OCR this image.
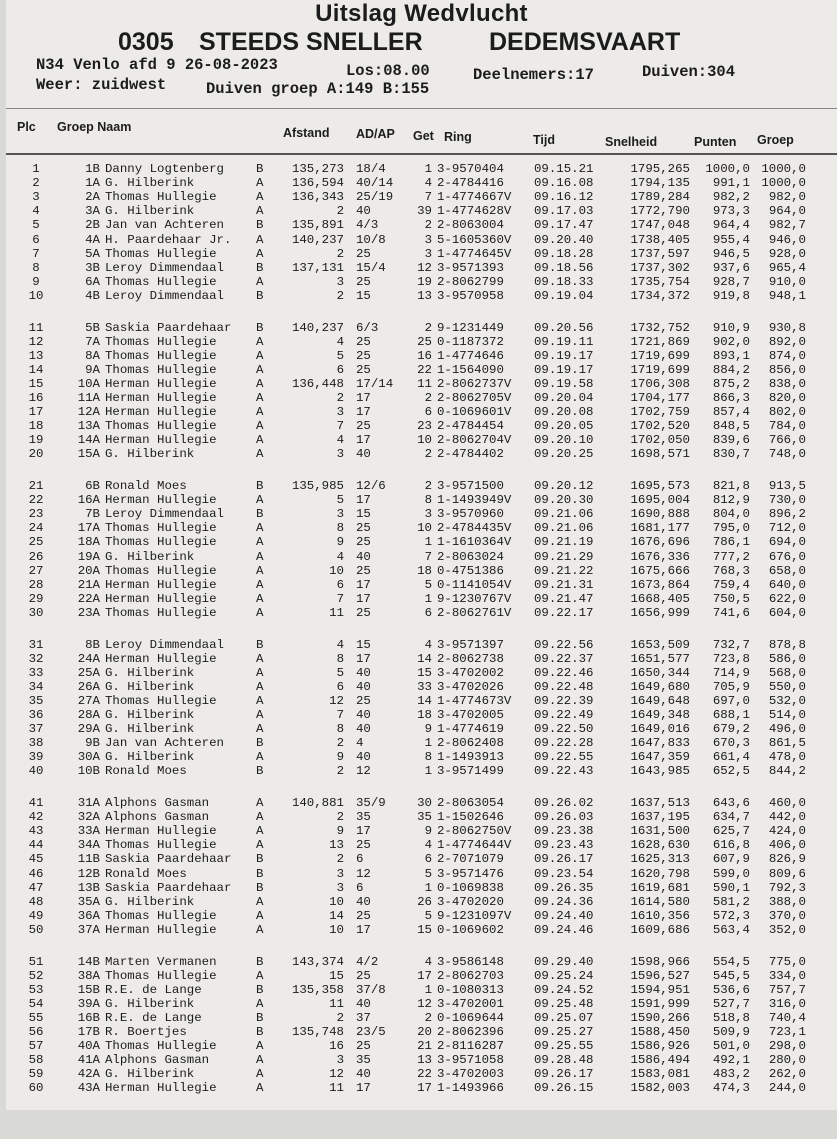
Uitslag Wedvlucht
0305 STEEDS SNELLER	DEDEMSVAART
N34 Venlo afd 9 26-08-2023	Los:08.00	Deelnemers:17	Duiven:304
Weer: zuidwest	Duiven groep A:149 B:155
Plc Groep Naam	Afstand AD/AP Get Ring	Tijd	Snelheid	Punten Groep
1	1B Danny Logtenberg	B	135,273 18/4	1 3-9570404 09.15.21	1795,265	1000,0 1000,0
2	1A G. Hilberink	A	136,594 40/14	4 2-4784416 09.16.08	1794,135	991,1 1000,0
3	2A Thomas Hullegie	A	136,343 25/19	7 1-4774667V 09.16.12	1789,284	982,2	982,0
4	3A G. Hilberink	A	2 40	39 1-4774628V 09.17.03	1772,790	973,3	964,0
5	2B Jan van Achteren	B	135,891 4/3	2 2-8063004 09.17.47	1747,048	964,4	982,7
6	4A H. Paardehaar Jr. A	140,237 10/8	3 5-1605360V 09.20.40	1738,405	955,4	946,0
7	5A Thomas Hullegie	A	2 25	3 1-4774645V 09.18.28	1737,597	946,5	928,0
8	3B Leroy Dimmendaal	B	137,131 15/4	12 3-9571393 09.18.56	1737,302	937,6	965,4
9	6A Thomas Hullegie	A	3 25	19 2-8062799 09.18.33	1735,754	928,7	910,0
10	4B Leroy Dimmendaal	B	2 15	13 3-9570958 09.19.04	1734,372	919,8	948,1
11	5B Saskia Paardehaar B	140,237 6/3	2 9-1231449 09.20.56	1732,752	910,9	930,8
12	7A Thomas Hullegie	A	4 25	25 0-1187372 09.19.11	1721,869	902,0	892,0
13	8A Thomas Hullegie	A	5 25	16 1-4774646 09.19.17	1719,699	893,1	874,0
14	9A Thomas Hullegie	A	6 25	22 1-1564090 09.19.17	1719,699	884,2	856,0
15	10A Herman Hullegie	A	136,448 17/14	11 2-8062737V 09.19.58	1706,308	875,2	838,0
16	11A Herman Hullegie	A	2 17	2 2-8062705V 09.20.04	1704,177	866,3	820,0
17	12A Herman Hullegie	A	3 17	6 0-1069601V 09.20.08	1702,759	857,4	802,0
18	13A Thomas Hullegie	A	7 25	23 2-4784454 09.20.05	1702,520	848,5	784,0
19	14A Herman Hullegie	A	4 17	10 2-8062704V 09.20.10	1702,050	839,6	766,0
20	15A G. Hilberink	A	3 40	2 2-4784402 09.20.25	1698,571	830,7	748,0
21	6B Ronald Moes	B	135,985 12/6	2 3-9571500 09.20.12	1695,573	821,8	913,5
22	16A Herman Hullegie	A	5 17	8 1-1493949V 09.20.30	1695,004	812,9	730,0
23	7B Leroy Dimmendaal	B	3 15	3 3-9570960 09.21.06	1690,888	804,0	896,2
24	17A Thomas Hullegie	A	8 25	10 2-4784435V 09.21.06	1681,177	795,0	712,0
25	18A Thomas Hullegie	A	9 25	1 1-1610364V 09.21.19	1676,696	786,1	694,0
26	19A G. Hilberink	A	4 40	7 2-8063024 09.21.29	1676,336	777,2	676,0
27	20A Thomas Hullegie	A	10 25	18 0-4751386 09.21.22	1675,666	768,3	658,0
28	21A Herman Hullegie	A	6 17	5 0-1141054V 09.21.31	1673,864	759,4	640,0
29	22A Herman Hullegie	A	7 17	1 9-1230767V 09.21.47	1668,405	750,5	622,0
30	23A Thomas Hullegie	A	11 25	6 2-8062761V 09.22.17	1656,999	741,6	604,0
31	8B Leroy Dimmendaal	B	4 15	4 3-9571397 09.22.56	1653,509	732,7	878,8
32	24A Herman Hullegie	A	8 17	14 2-8062738 09.22.37	1651,577	723,8	586,0
33	25A G. Hilberink	A	5 40	15 3-4702002 09.22.46	1650,344	714,9	568,0
34	26A G. Hilberink	A	6 40	33 3-4702026 09.22.48	1649,680	705,9	550,0
35	27A Thomas Hullegie	A	12 25	14 1-4774673V 09.22.39	1649,648	697,0	532,0
36	28A G. Hilberink	A	7 40	18 3-4702005 09.22.49	1649,348	688,1	514,0
37	29A G. Hilberink	A	8 40	9 1-4774619 09.22.50	1649,016	679,2	496,0
38	9B Jan van Achteren	B	2 4	1 2-8062408 09.22.28	1647,833	670,3	861,5
39	30A G. Hilberink	A	9 40	8 1-1493913 09.22.55	1647,359	661,4	478,0
40	10B Ronald Moes	B	2 12	1 3-9571499 09.22.43	1643,985	652,5	844,2
41	31A Alphons Gasman	A	140,881 35/9	30 2-8063054 09.26.02	1637,513	643,6	460,0
42	32A Alphons Gasman	A	2 35	35 1-1502646 09.26.03	1637,195	634,7	442,0
43	33A Herman Hullegie	A	9 17	9 2-8062750V 09.23.38	1631,500	625,7	424,0
44	34A Thomas Hullegie	A	13 25	4 1-4774644V 09.23.43	1628,630	616,8	406,0
45	11B Saskia Paardehaar B	2 6	6 2-7071079 09.26.17	1625,313	607,9	826,9
46	12B Ronald Moes	B	3 12	5 3-9571476 09.23.54	1620,798	599,0	809,6
47	13B Saskia Paardehaar B	3 6	1 0-1069838 09.26.35	1619,681	590,1	792,3
48	35A G. Hilberink	A	10 40	26 3-4702020 09.24.36	1614,580	581,2	388,0
49	36A Thomas Hullegie	A	14 25	5 9-1231097V 09.24.40	1610,356	572,3	370,0
50	37A Herman Hullegie	A	10 17	15 0-1069602 09.24.46	1609,686	563,4	352,0
51	14B Marten Vermanen	B	143,374 4/2	4 3-9586148 09.29.40	1598,966	554,5	775,0
52	38A Thomas Hullegie	A	15 25	17 2-8062703 09.25.24	1596,527	545,5	334,0
53	15B R.E. de Lange	B	135,358 37/8	1 0-1080313 09.24.52	1594,951	536,6	757,7
54	39A G. Hilberink	A	11 40	12 3-4702001 09.25.48	1591,999	527,7	316,0
55	16B R.E. de Lange	B	2 37	2 0-1069644 09.25.07	1590,266	518,8	740,4
56	17B R. Boertjes	B	135,748 23/5	20 2-8062396 09.25.27	1588,450	509,9	723,1
57	40A Thomas Hullegie	A	16 25	21 2-8116287 09.25.55	1586,926	501,0	298,0
58	41A Alphons Gasman	A	3 35	13 3-9571058 09.28.48	1586,494	492,1	280,0
59	42A G. Hilberink	A	12 40	22 3-4702003 09.26.17	1583,081	483,2	262,0
60	43A Herman Hullegie	A	11 17	17 1-1493966 09.26.15	1582,003	474,3	244,0
